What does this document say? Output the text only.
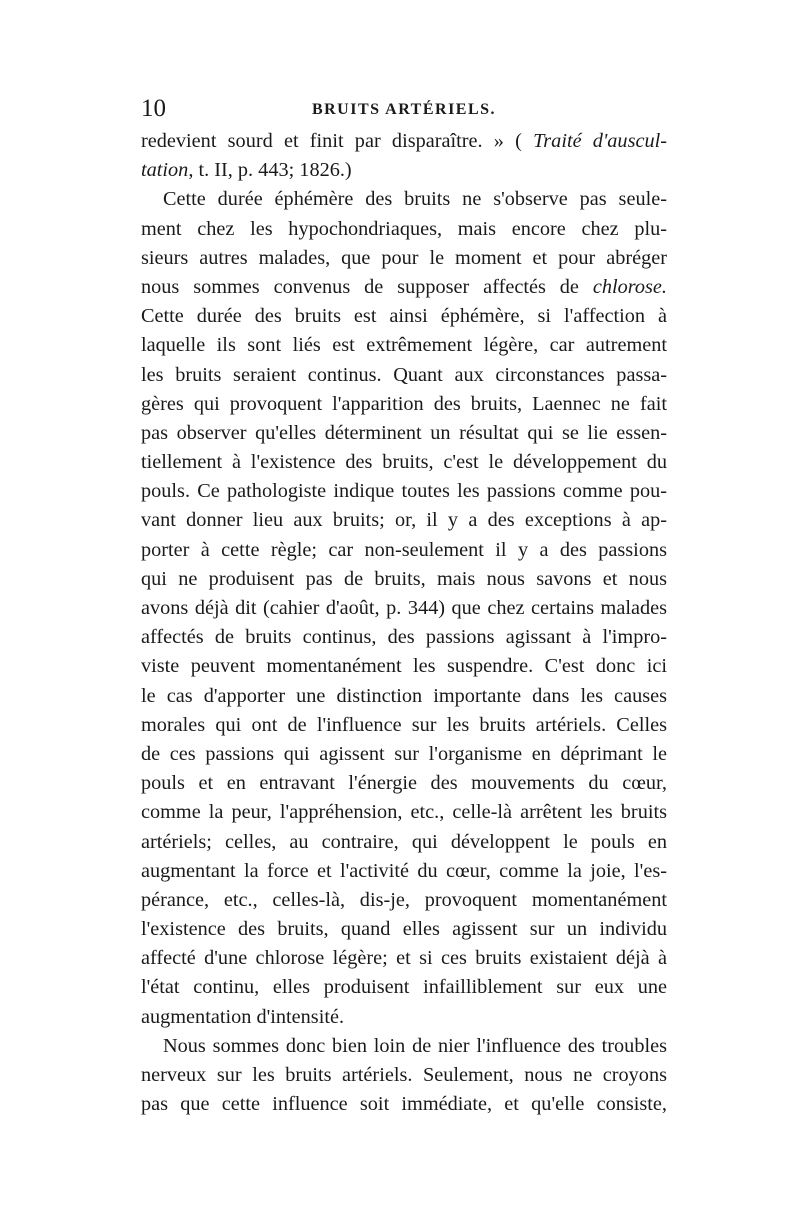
10	BRUITS ARTÉRIELS.
redevient sourd et finit par disparaître. » ( Traité d'auscul-
tation, t. II, p. 443; 1826.)
Cette durée éphémère des bruits ne s'observe pas seule-
ment chez les hypochondriaques, mais encore chez plu-
sieurs autres malades, que pour le moment et pour abréger
nous sommes convenus de supposer affectés de chlorose.
Cette durée des bruits est ainsi éphémère, si l'affection à
laquelle ils sont liés est extrêmement légère, car autrement
les bruits seraient continus. Quant aux circonstances passa-
gères qui provoquent l'apparition des bruits, Laennec ne fait
pas observer qu'elles déterminent un résultat qui se lie essen-
tiellement à l'existence des bruits, c'est le développement du
pouls. Ce pathologiste indique toutes les passions comme pou-
vant donner lieu aux bruits; or, il y a des exceptions à ap-
porter à cette règle; car non-seulement il y a des passions
qui ne produisent pas de bruits, mais nous savons et nous
avons déjà dit (cahier d'août, p. 344) que chez certains malades
affectés de bruits continus, des passions agissant à l'impro-
viste peuvent momentanément les suspendre. C'est donc ici
le cas d'apporter une distinction importante dans les causes
morales qui ont de l'influence sur les bruits artériels. Celles
de ces passions qui agissent sur l'organisme en déprimant le
pouls et en entravant l'énergie des mouvements du cœur,
comme la peur, l'appréhension, etc., celle-là arrêtent les bruits
artériels; celles, au contraire, qui développent le pouls en
augmentant la force et l'activité du cœur, comme la joie, l'es-
pérance, etc., celles-là, dis-je, provoquent momentanément
l'existence des bruits, quand elles agissent sur un individu
affecté d'une chlorose légère; et si ces bruits existaient déjà à
l'état continu, elles produisent infailliblement sur eux une
augmentation d'intensité.
Nous sommes donc bien loin de nier l'influence des troubles
nerveux sur les bruits artériels. Seulement, nous ne croyons
pas que cette influence soit immédiate, et qu'elle consiste,
